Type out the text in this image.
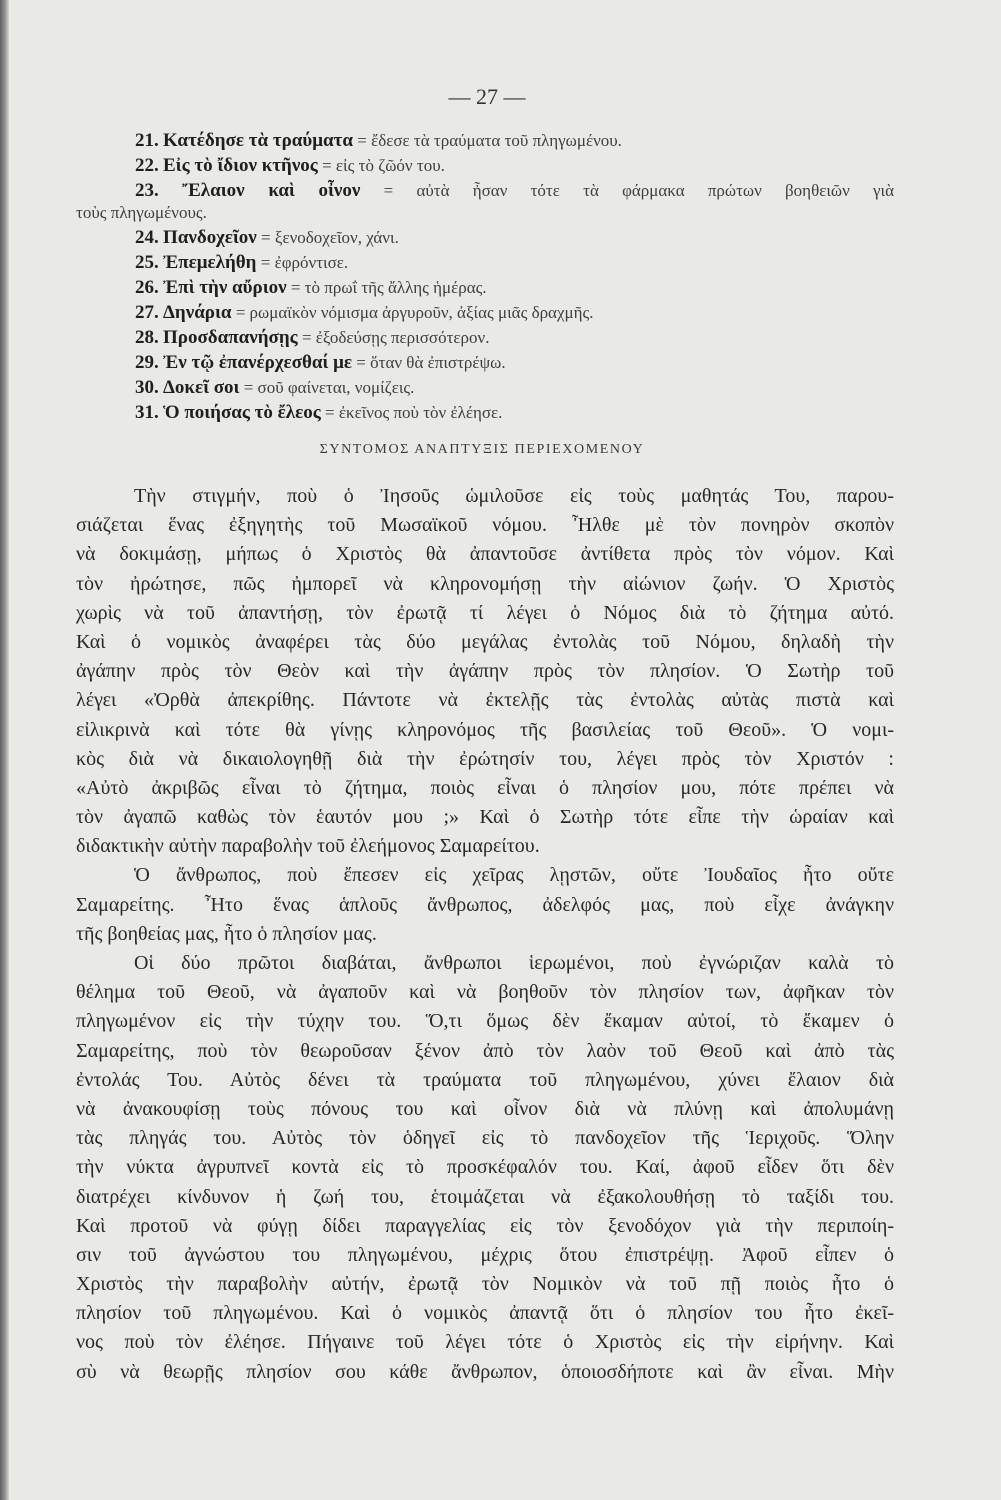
— 27 —
21. Κατέδησε τὰ τραύματα = ἔδεσε τὰ τραύματα τοῦ πληγωμένου.
22. Εἰς τὸ ἴδιον κτῆνος = εἰς τὸ ζῶόν του.
23. Ἔλαιον καὶ οἶνον = αὐτὰ ἦσαν τότε τὰ φάρμακα πρώτων βοηθειῶν γιὰ
τοὺς πληγωμένους.
24. Πανδοχεῖον = ξενοδοχεῖον, χάνι.
25. Ἐπεμελήθη = ἐφρόντισε.
26. Ἐπὶ τὴν αὔριον = τὸ πρωΐ τῆς ἄλλης ἡμέρας.
27. Δηνάρια = ρωμαϊκὸν νόμισμα ἀργυροῦν, ἀξίας μιᾶς δραχμῆς.
28. Προσδαπανήσῃς = ἐξοδεύσῃς περισσότερον.
29. Ἐν τῷ ἐπανέρχεσθαί με = ὅταν θὰ ἐπιστρέψω.
30. Δοκεῖ σοι = σοῦ φαίνεται, νομίζεις.
31. Ὁ ποιήσας τὸ ἔλεος = ἐκεῖνος ποὺ τὸν ἐλέησε.
ΣΥΝΤΟΜΟΣ ΑΝΑΠΤΥΞΙΣ ΠΕΡΙΕΧΟΜΕΝΟΥ
Τὴν στιγμήν, ποὺ ὁ Ἰησοῦς ὡμιλοῦσε εἰς τοὺς μαθητάς Του, παρου-
σιάζεται ἕνας ἐξηγητὴς τοῦ Μωσαϊκοῦ νόμου. Ἦλθε μὲ τὸν πονηρὸν σκοπὸν
νὰ δοκιμάσῃ, μήπως ὁ Χριστὸς θὰ ἀπαντοῦσε ἀντίθετα πρὸς τὸν νόμον. Καὶ
τὸν ἠρώτησε, πῶς ἠμπορεῖ νὰ κληρονομήσῃ τὴν αἰώνιον ζωήν. Ὁ Χριστὸς
χωρὶς νὰ τοῦ ἀπαντήσῃ, τὸν ἐρωτᾷ τί λέγει ὁ Νόμος διὰ τὸ ζήτημα αὐτό.
Καὶ ὁ νομικὸς ἀναφέρει τὰς δύο μεγάλας ἐντολὰς τοῦ Νόμου, δηλαδὴ τὴν
ἀγάπην πρὸς τὸν Θεὸν καὶ τὴν ἀγάπην πρὸς τὸν πλησίον. Ὁ Σωτὴρ τοῦ
λέγει «Ὀρθὰ ἀπεκρίθης. Πάντοτε νὰ ἐκτελῇς τὰς ἐντολὰς αὐτὰς πιστὰ καὶ
εἰλικρινὰ καὶ τότε θὰ γίνῃς κληρονόμος τῆς βασιλείας τοῦ Θεοῦ». Ὁ νομι-
κὸς διὰ νὰ δικαιολογηθῇ διὰ τὴν ἐρώτησίν του, λέγει πρὸς τὸν Χριστόν :
«Αὐτὸ ἀκριβῶς εἶναι τὸ ζήτημα, ποιὸς εἶναι ὁ πλησίον μου, πότε πρέπει νὰ
τὸν ἀγαπῶ καθὼς τὸν ἑαυτόν μου ;» Καὶ ὁ Σωτὴρ τότε εἶπε τὴν ὡραίαν καὶ
διδακτικὴν αὐτὴν παραβολὴν τοῦ ἐλεήμονος Σαμαρείτου.
Ὁ ἄνθρωπος, ποὺ ἔπεσεν εἰς χεῖρας λῃστῶν, οὔτε Ἰουδαῖος ἦτο οὔτε
Σαμαρείτης. Ἦτο ἕνας ἁπλοῦς ἄνθρωπος, ἀδελφός μας, ποὺ εἶχε ἀνάγκην
τῆς βοηθείας μας, ἦτο ὁ πλησίον μας.
Οἱ δύο πρῶτοι διαβάται, ἄνθρωποι ἱερωμένοι, ποὺ ἐγνώριζαν καλὰ τὸ
θέλημα τοῦ Θεοῦ, νὰ ἀγαποῦν καὶ νὰ βοηθοῦν τὸν πλησίον των, ἀφῆκαν τὸν
πληγωμένον εἰς τὴν τύχην του. Ὅ,τι ὅμως δὲν ἔκαμαν αὐτοί, τὸ ἔκαμεν ὁ
Σαμαρείτης, ποὺ τὸν θεωροῦσαν ξένον ἀπὸ τὸν λαὸν τοῦ Θεοῦ καὶ ἀπὸ τὰς
ἐντολάς Του. Αὐτὸς δένει τὰ τραύματα τοῦ πληγωμένου, χύνει ἔλαιον διὰ
νὰ ἀνακουφίσῃ τοὺς πόνους του καὶ οἶνον διὰ νὰ πλύνῃ καὶ ἀπολυμάνῃ
τὰς πληγάς του. Αὐτὸς τὸν ὁδηγεῖ εἰς τὸ πανδοχεῖον τῆς Ἱεριχοῦς. Ὅλην
τὴν νύκτα ἀγρυπνεῖ κοντὰ εἰς τὸ προσκέφαλόν του. Καί, ἀφοῦ εἶδεν ὅτι δὲν
διατρέχει κίνδυνον ἡ ζωή του, ἑτοιμάζεται νὰ ἐξακολουθήσῃ τὸ ταξίδι του.
Καὶ προτοῦ νὰ φύγῃ δίδει παραγγελίας εἰς τὸν ξενοδόχον γιὰ τὴν περιποίη-
σιν τοῦ ἀγνώστου του πληγωμένου, μέχρις ὅτου ἐπιστρέψῃ. Ἀφοῦ εἶπεν ὁ
Χριστὸς τὴν παραβολὴν αὐτήν, ἐρωτᾷ τὸν Νομικὸν νὰ τοῦ πῇ ποιὸς ἦτο ὁ
πλησίον τοῦ πληγωμένου. Καὶ ὁ νομικὸς ἀπαντᾷ ὅτι ὁ πλησίον του ἦτο ἐκεῖ-
νος ποὺ τὸν ἐλέησε. Πήγαινε τοῦ λέγει τότε ὁ Χριστὸς εἰς τὴν εἰρήνην. Καὶ
σὺ νὰ θεωρῇς πλησίον σου κάθε ἄνθρωπον, ὁποιοσδήποτε καὶ ἂν εἶναι. Μὴν
